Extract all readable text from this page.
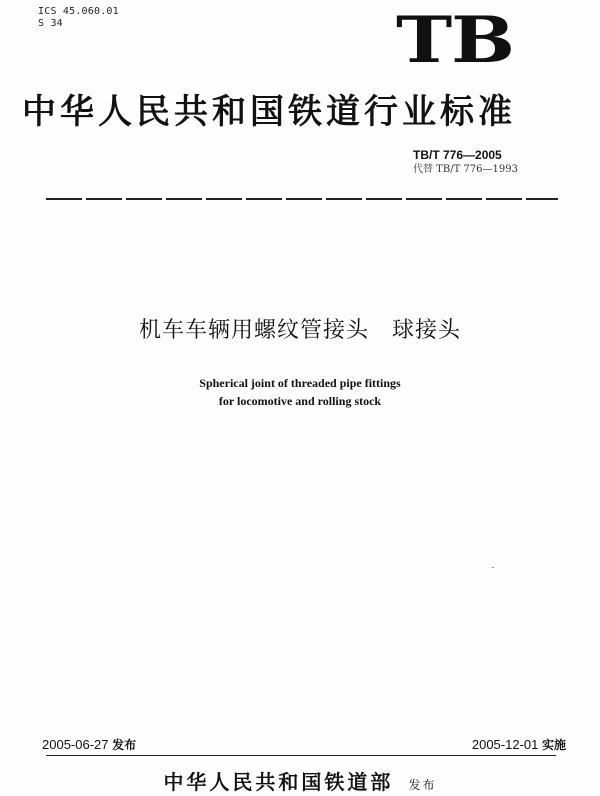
ICS 45.060.01
S 34	TB
中华人民共和国铁道行业标准
TB/T 776—2005
代替 TB/T 776—1993
机车车辆用螺纹管接头　球接头
Spherical joint of threaded pipe fittings
for locomotive and rolling stock
2005-06-27 发布	2005-12-01 实施
中华人民共和国铁道部 发布
